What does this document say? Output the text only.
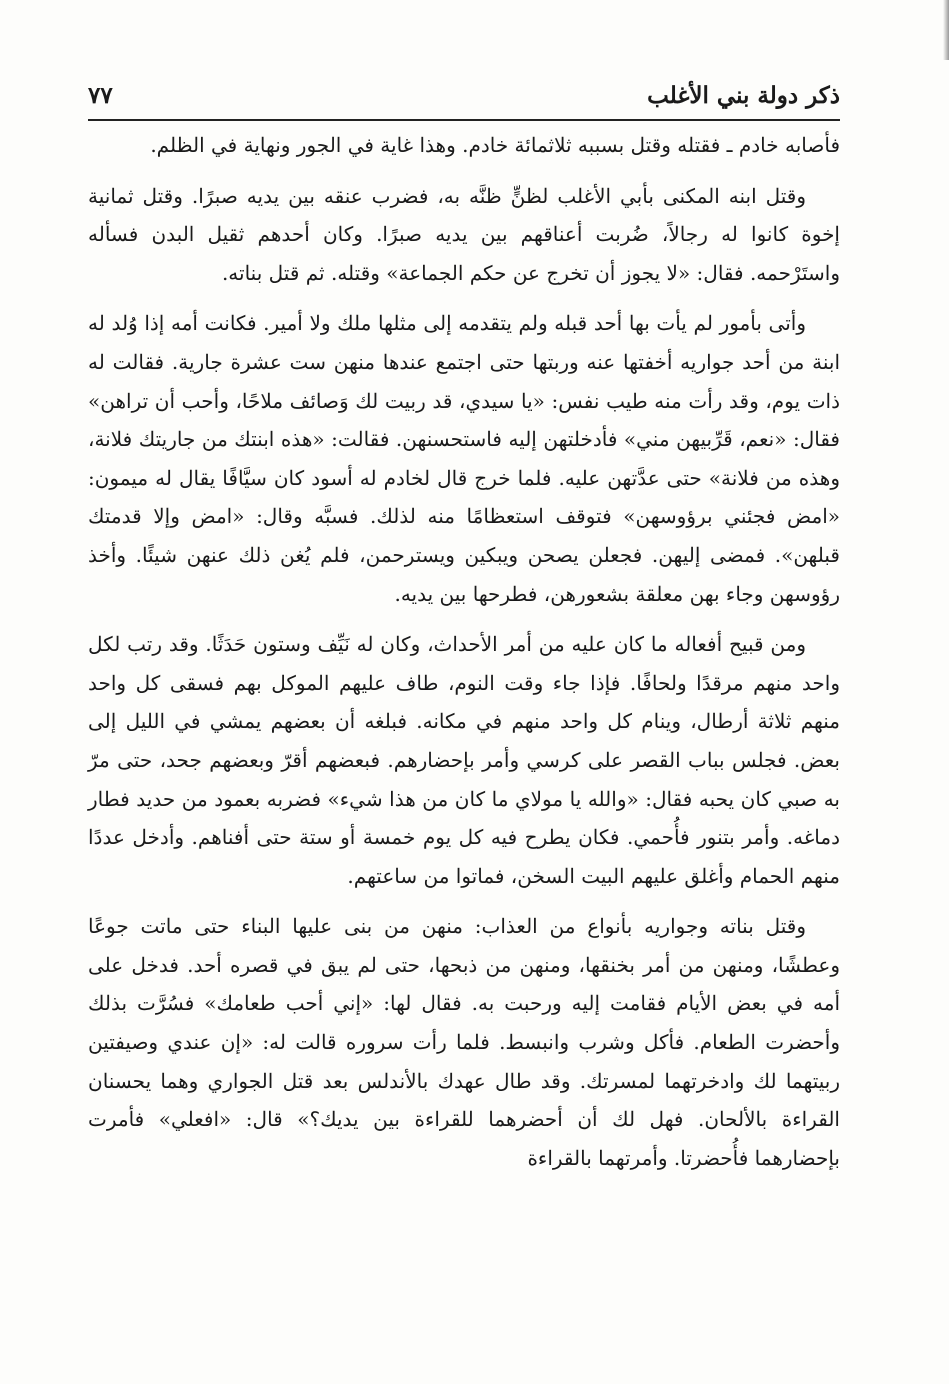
ذكر دولة بني الأغلب
٧٧

فأصابه خادم ـ فقتله وقتل بسببه ثلاثمائة خادم. وهذا غاية في الجور ونهاية في الظلم.

وقتل ابنه المكنى بأبي الأغلب لظنٍّ ظنَّه به، فضرب عنقه بين يديه صبرًا. وقتل ثمانية إخوة كانوا له رجالاً، ضُربت أعناقهم بين يديه صبرًا. وكان أحدهم ثقيل البدن فسأله واستَرْحمه. فقال: «لا يجوز أن تخرج عن حكم الجماعة» وقتله. ثم قتل بناته.

وأتى بأمور لم يأت بها أحد قبله ولم يتقدمه إلى مثلها ملك ولا أمير. فكانت أمه إذا وُلد له ابنة من أحد جواريه أخفتها عنه وربتها حتى اجتمع عندها منهن ست عشرة جارية. فقالت له ذات يوم، وقد رأت منه طيب نفس: «يا سيدي، قد ربيت لك وَصائف ملاحًا، وأحب أن تراهن» فقال: «نعم، قَرِّبيهن مني» فأدخلتهن إليه فاستحسنهن. فقالت: «هذه ابنتك من جاريتك فلانة، وهذه من فلانة» حتى عدَّتهن عليه. فلما خرج قال لخادم له أسود كان سيَّافًا يقال له ميمون: «امض فجئني برؤوسهن» فتوقف استعظامًا منه لذلك. فسبَّه وقال: «امض وإلا قدمتك قبلهن». فمضى إليهن. فجعلن يصحن ويبكين ويسترحمن، فلم يُغن ذلك عنهن شيئًا. وأخذ رؤوسهن وجاء بهن معلقة بشعورهن، فطرحها بين يديه.

ومن قبيح أفعاله ما كان عليه من أمر الأحداث، وكان له نَيِّف وستون حَدَثًا. وقد رتب لكل واحد منهم مرقدًا ولحافًا. فإذا جاء وقت النوم، طاف عليهم الموكل بهم فسقى كل واحد منهم ثلاثة أرطال، وينام كل واحد منهم في مكانه. فبلغه أن بعضهم يمشي في الليل إلى بعض. فجلس بباب القصر على كرسي وأمر بإحضارهم. فبعضهم أقرّ وبعضهم جحد، حتى مرّ به صبي كان يحبه فقال: «والله يا مولاي ما كان من هذا شيء» فضربه بعمود من حديد فطار دماغه. وأمر بتنور فأُحمي. فكان يطرح فيه كل يوم خمسة أو ستة حتى أفناهم. وأدخل عددًا منهم الحمام وأغلق عليهم البيت السخن، فماتوا من ساعتهم.

وقتل بناته وجواريه بأنواع من العذاب: منهن من بنى عليها البناء حتى ماتت جوعًا وعطشًا، ومنهن من أمر بخنقها، ومنهن من ذبحها، حتى لم يبق في قصره أحد. فدخل على أمه في بعض الأيام فقامت إليه ورحبت به. فقال لها: «إني أحب طعامك» فسُرَّت بذلك وأحضرت الطعام. فأكل وشرب وانبسط. فلما رأت سروره قالت له: «إن عندي وصيفتين ربيتهما لك وادخرتهما لمسرتك. وقد طال عهدك بالأندلس بعد قتل الجواري وهما يحسنان القراءة بالألحان. فهل لك أن أحضرهما للقراءة بين يديك؟» قال: «افعلي» فأمرت بإحضارهما فأُحضرتا. وأمرتهما بالقراءة
